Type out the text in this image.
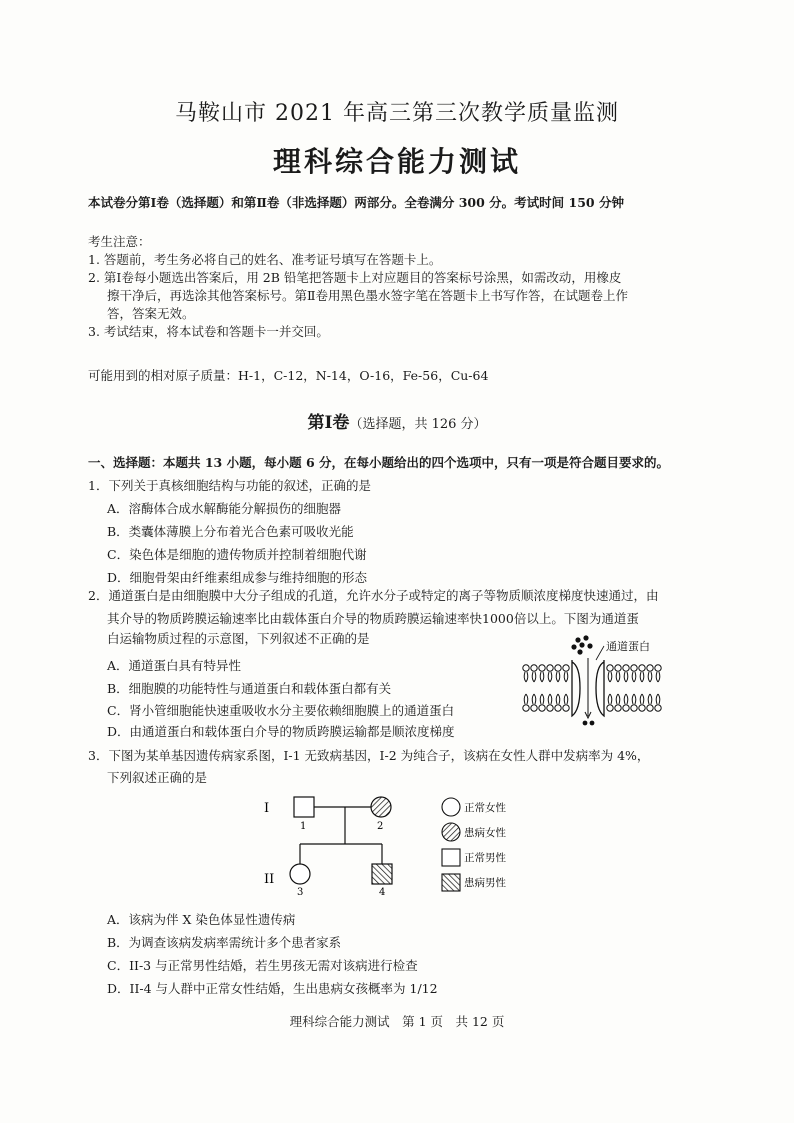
马鞍山市 2021 年高三第三次教学质量监测
理科综合能力测试
本试卷分第Ⅰ卷（选择题）和第Ⅱ卷（非选择题）两部分。全卷满分 300 分。考试时间 150 分钟
考生注意：
1. 答题前，考生务必将自己的姓名、准考证号填写在答题卡上。
2. 第Ⅰ卷每小题选出答案后，用 2B 铅笔把答题卡上对应题目的答案标号涂黑，如需改动，用橡皮
擦干净后，再选涂其他答案标号。第Ⅱ卷用黑色墨水签字笔在答题卡上书写作答，在试题卷上作
答，答案无效。
3. 考试结束，将本试卷和答题卡一并交回。
可能用到的相对原子质量：H-1，C-12，N-14，O-16，Fe-56，Cu-64
第Ⅰ卷（选择题，共 126 分）
一、选择题：本题共 13 小题，每小题 6 分，在每小题给出的四个选项中，只有一项是符合题目要求的。
1．下列关于真核细胞结构与功能的叙述，正确的是
A．溶酶体合成水解酶能分解损伤的细胞器
B．类囊体薄膜上分布着光合色素可吸收光能
C．染色体是细胞的遗传物质并控制着细胞代谢
D．细胞骨架由纤维素组成参与维持细胞的形态
2．通道蛋白是由细胞膜中大分子组成的孔道，允许水分子或特定的离子等物质顺浓度梯度快速通过，由
其介导的物质跨膜运输速率比由载体蛋白介导的物质跨膜运输速率快1000倍以上。下图为通道蛋
白运输物质过程的示意图，下列叙述不正确的是
A．通道蛋白具有特异性
B．细胞膜的功能特性与通道蛋白和载体蛋白都有关
C．肾小管细胞能快速重吸收水分主要依赖细胞膜上的通道蛋白
D．由通道蛋白和载体蛋白介导的物质跨膜运输都是顺浓度梯度
通道蛋白
3．下图为某单基因遗传病家系图，I-1 无致病基因，I-2 为纯合子，该病在女性人群中发病率为 4%，
下列叙述正确的是
I
II
1	2
3	4
正常女性
患病女性
正常男性
患病男性
A．该病为伴 X 染色体显性遗传病
B．为调查该病发病率需统计多个患者家系
C．II-3 与正常男性结婚，若生男孩无需对该病进行检查
D．II-4 与人群中正常女性结婚，生出患病女孩概率为 1/12
理科综合能力测试　第 1 页　共 12 页
